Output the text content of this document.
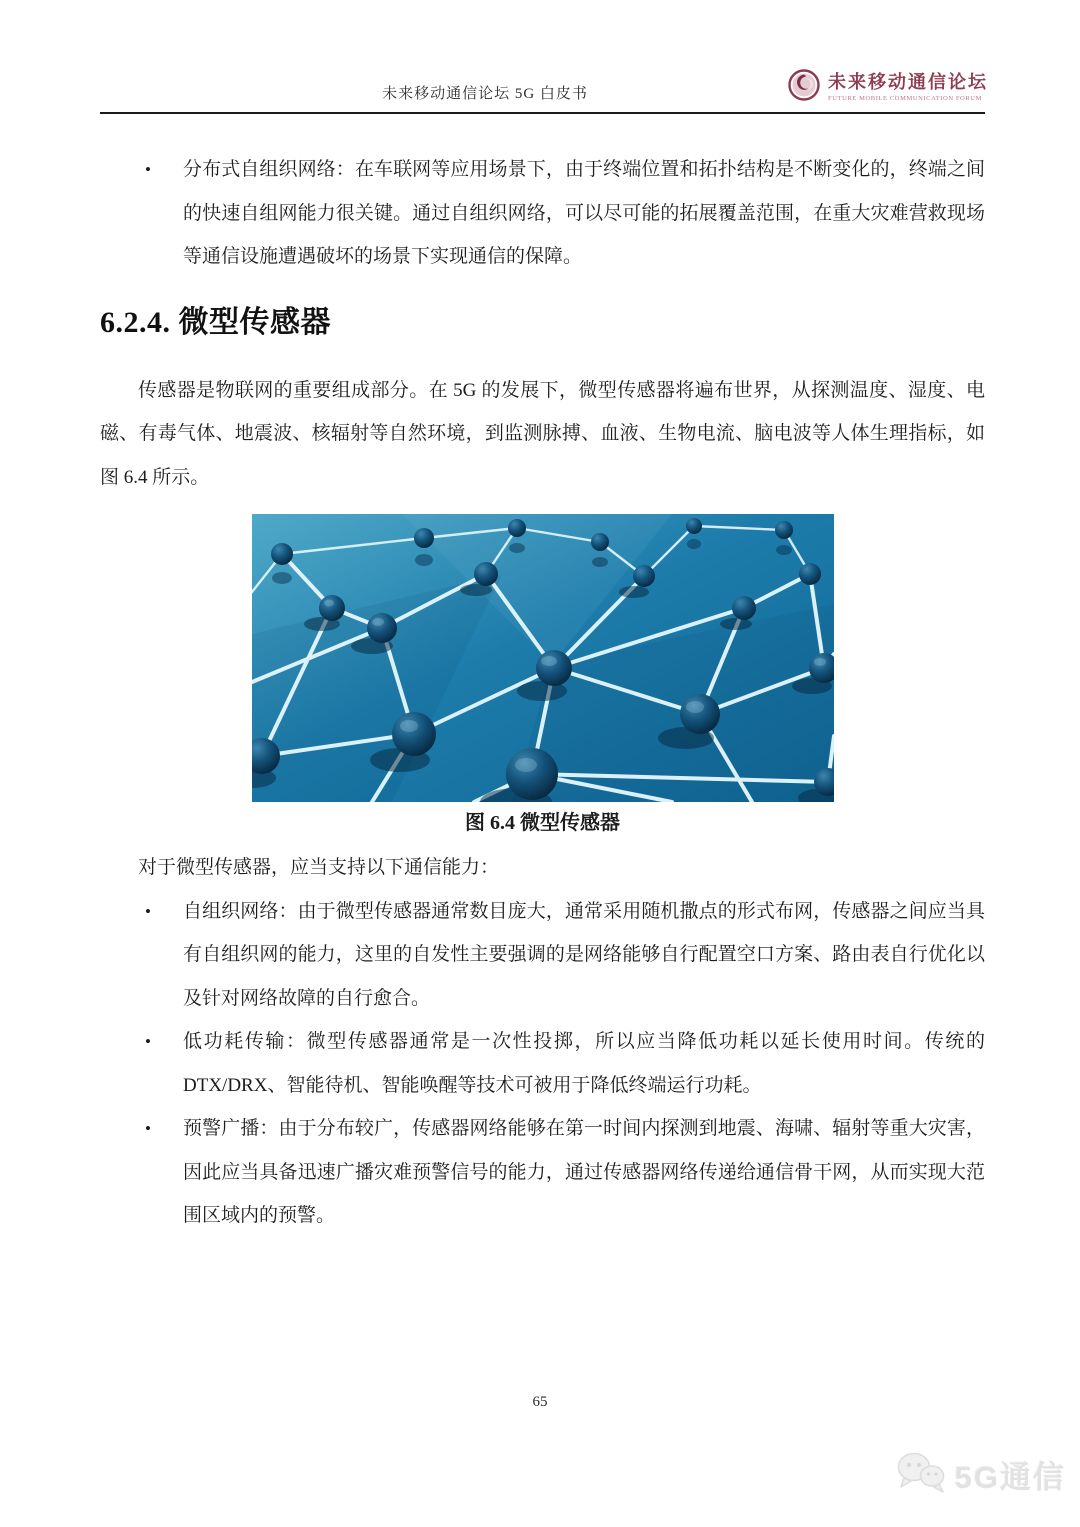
未来移动通信论坛 5G 白皮书
未来移动通信论坛
FUTURE MOBILE COMMUNICATION FORUM
• 分布式自组织网络：在车联网等应用场景下，由于终端位置和拓扑结构是不断变化的，终端之间的快速自组网能力很关键。通过自组织网络，可以尽可能的拓展覆盖范围，在重大灾难营救现场等通信设施遭遇破坏的场景下实现通信的保障。
6.2.4. 微型传感器

传感器是物联网的重要组成部分。在 5G 的发展下，微型传感器将遍布世界，从探测温度、湿度、电磁、有毒气体、地震波、核辐射等自然环境，到监测脉搏、血液、生物电流、脑电波等人体生理指标，如图 6.4 所示。

图 6.4 微型传感器

对于微型传感器，应当支持以下通信能力：

• 自组织网络：由于微型传感器通常数目庞大，通常采用随机撒点的形式布网，传感器之间应当具有自组织网的能力，这里的自发性主要强调的是网络能够自行配置空口方案、路由表自行优化以及针对网络故障的自行愈合。
• 低功耗传输：微型传感器通常是一次性投掷，所以应当降低功耗以延长使用时间。传统的DTX/DRX、智能待机、智能唤醒等技术可被用于降低终端运行功耗。
• 预警广播：由于分布较广，传感器网络能够在第一时间内探测到地震、海啸、辐射等重大灾害，因此应当具备迅速广播灾难预警信号的能力，通过传感器网络传递给通信骨干网，从而实现大范围区域内的预警。
65
5G通信
